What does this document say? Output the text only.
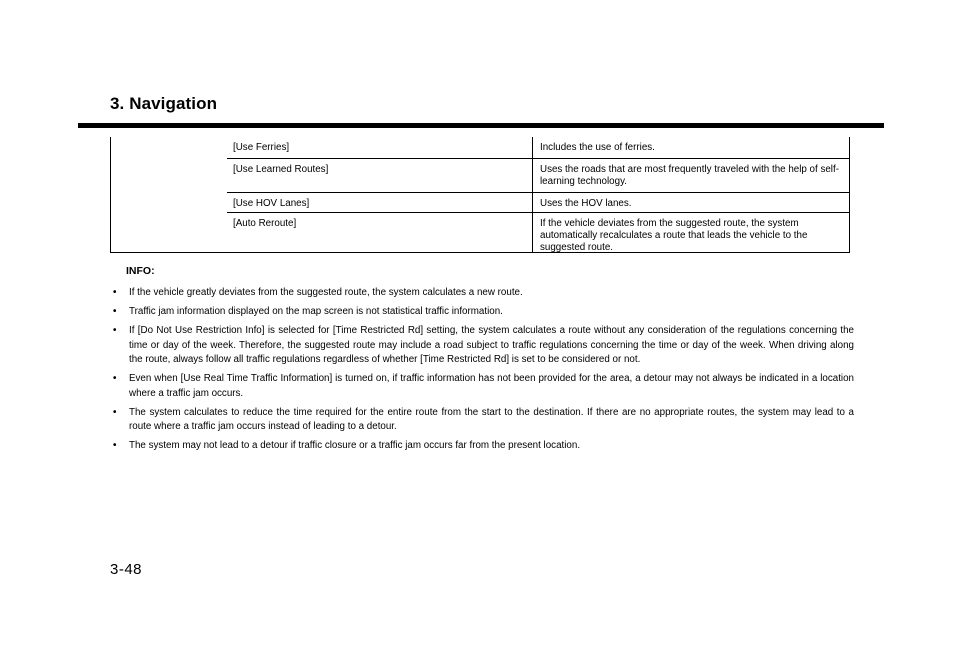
3. Navigation
[Use Ferries]	Includes the use of ferries.
[Use Learned Routes]	Uses the roads that are most frequently traveled with the help of self-learning technology.
[Use HOV Lanes]	Uses the HOV lanes.
[Auto Reroute]	If the vehicle deviates from the suggested route, the system automatically recalculates a route that leads the vehicle to the suggested route.
INFO:
• If the vehicle greatly deviates from the suggested route, the system calculates a new route.
• Traffic jam information displayed on the map screen is not statistical traffic information.
• If [Do Not Use Restriction Info] is selected for [Time Restricted Rd] setting, the system calculates a route without any consideration of the regulations concerning the time or day of the week. Therefore, the suggested route may include a road subject to traffic regulations concerning the time or day of the week. When driving along the route, always follow all traffic regulations regardless of whether [Time Restricted Rd] is set to be considered or not.
• Even when [Use Real Time Traffic Information] is turned on, if traffic information has not been provided for the area, a detour may not always be indicated in a location where a traffic jam occurs.
• The system calculates to reduce the time required for the entire route from the start to the destination. If there are no appropriate routes, the system may lead to a route where a traffic jam occurs instead of leading to a detour.
• The system may not lead to a detour if traffic closure or a traffic jam occurs far from the present location.
3-48
